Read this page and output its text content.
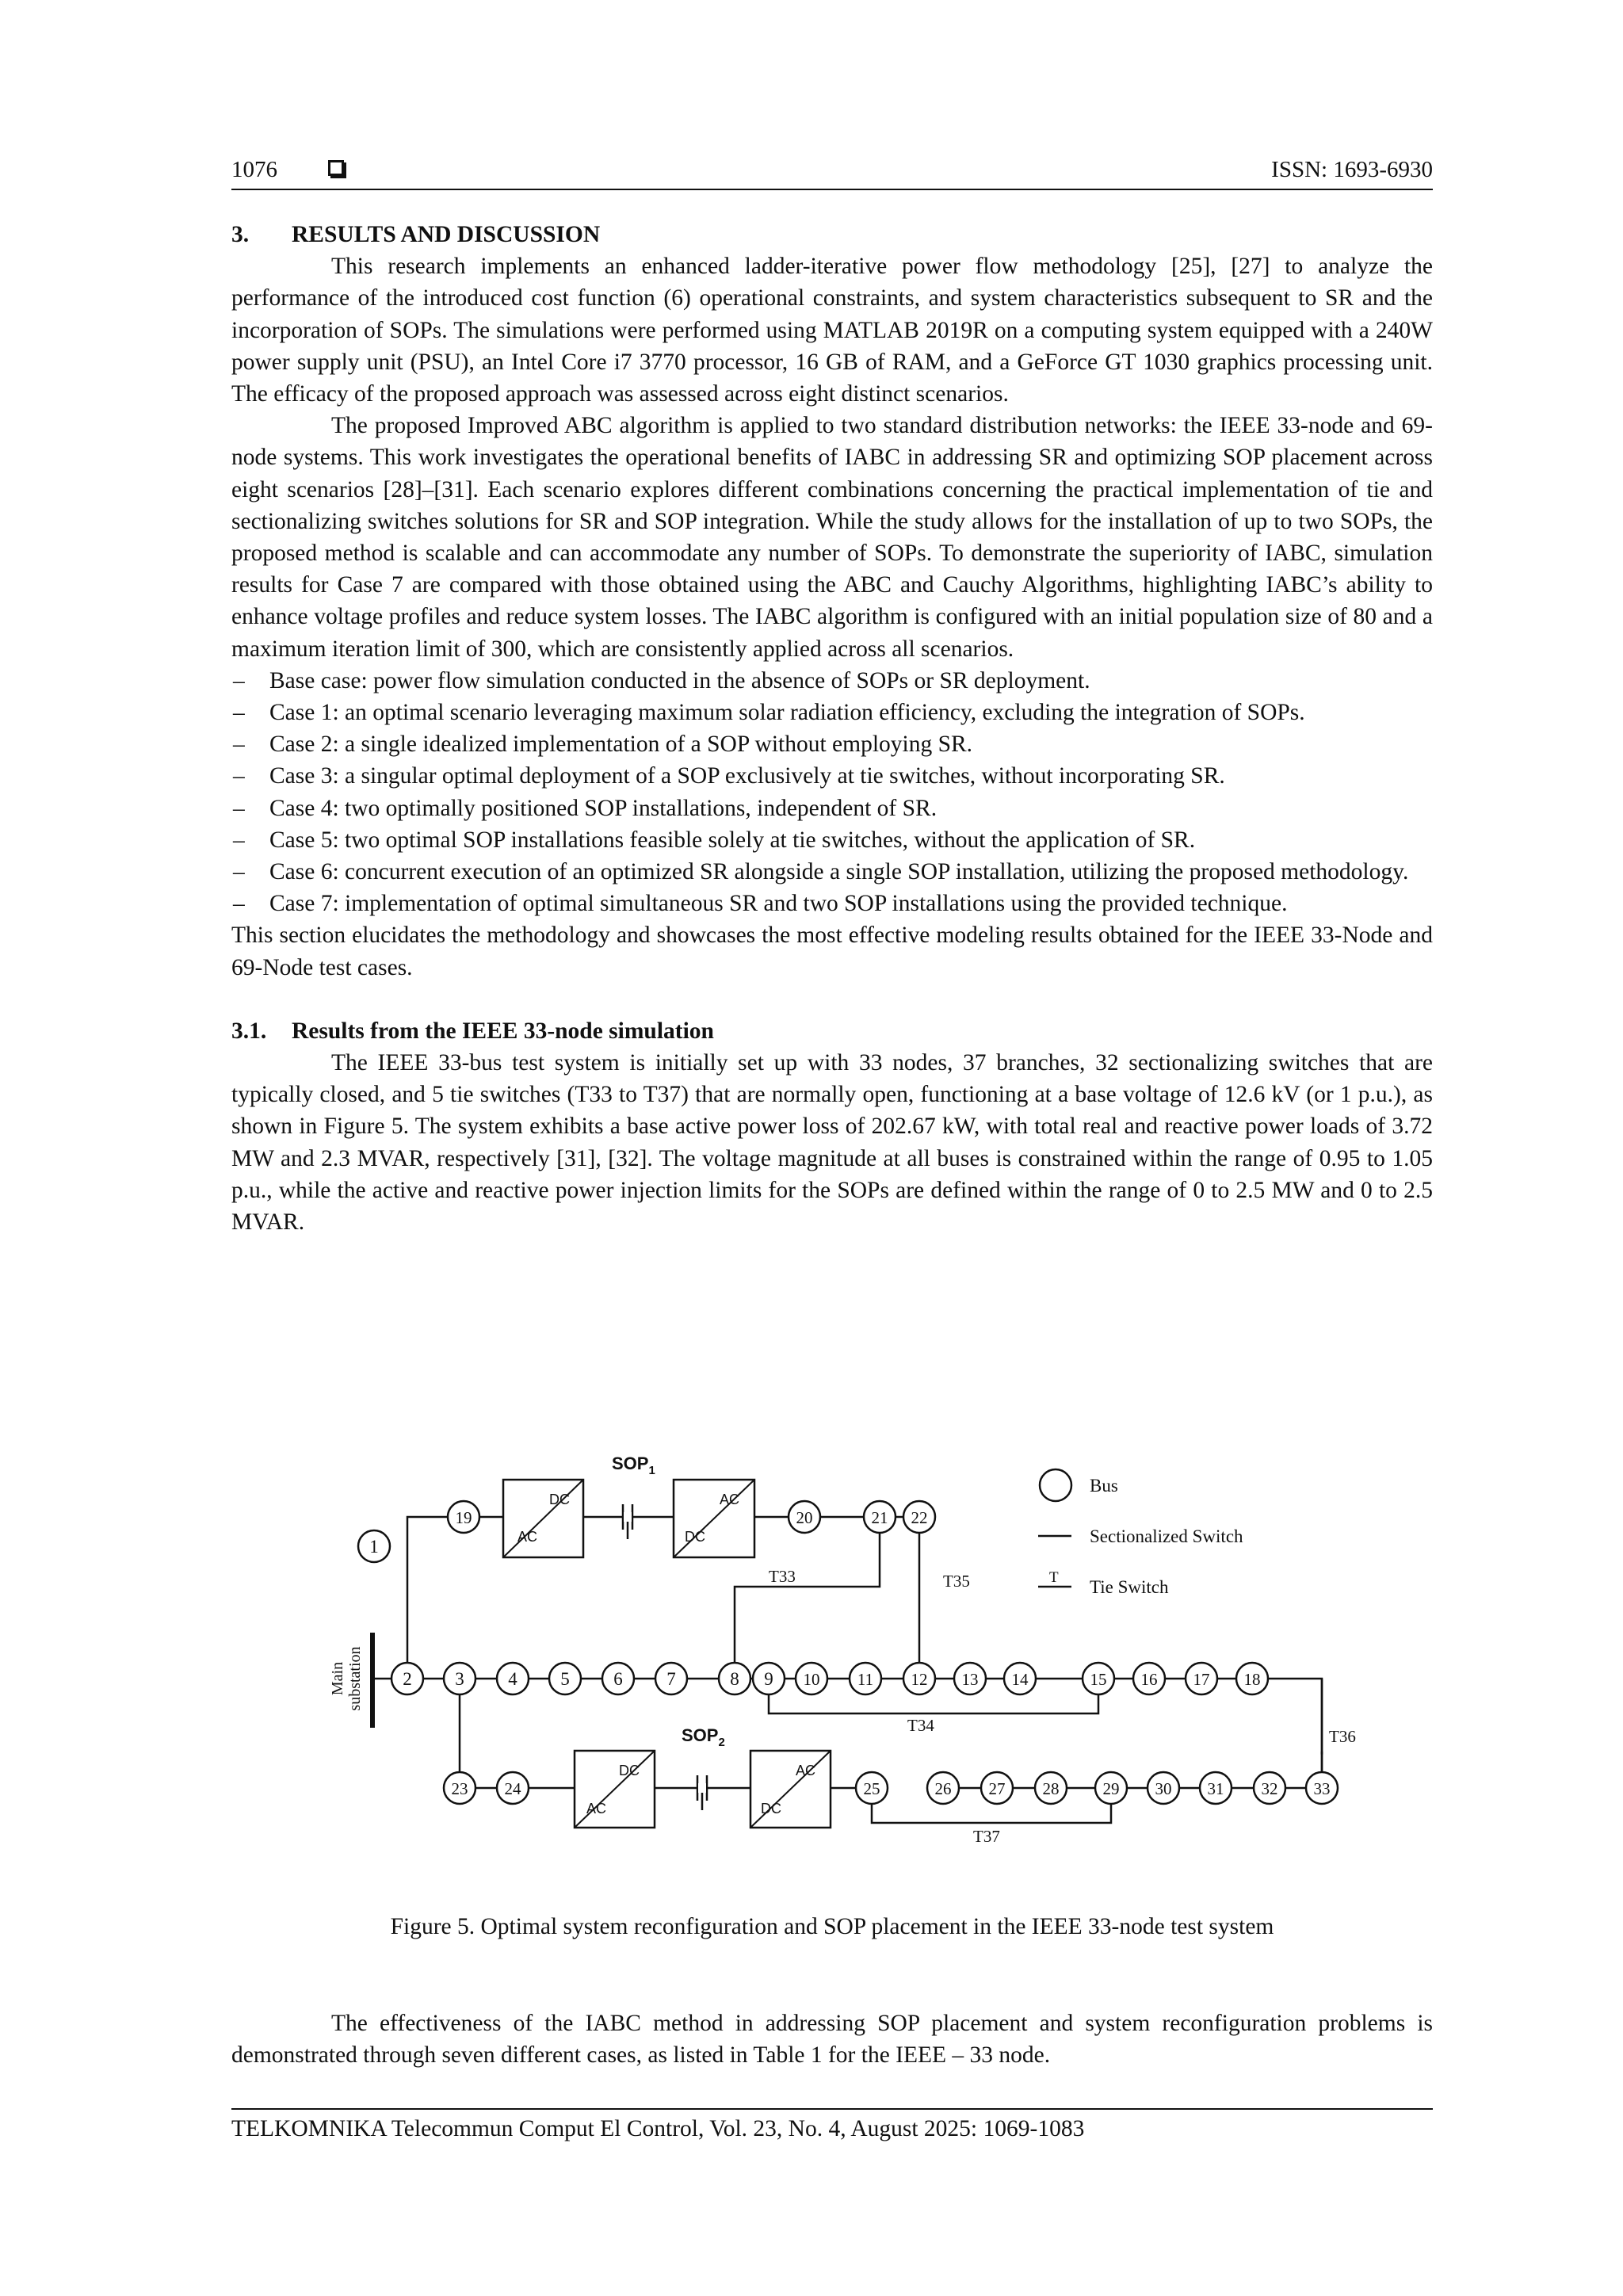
1076	ISSN: 1693-6930
3. RESULTS AND DISCUSSION

This research implements an enhanced ladder-iterative power flow methodology [25], [27] to analyze the performance of the introduced cost function (6) operational constraints, and system characteristics subsequent to SR and the incorporation of SOPs. The simulations were performed using MATLAB 2019R on a computing system equipped with a 240W power supply unit (PSU), an Intel Core i7 3770 processor, 16 GB of RAM, and a GeForce GT 1030 graphics processing unit. The efficacy of the proposed approach was assessed across eight distinct scenarios.

The proposed Improved ABC algorithm is applied to two standard distribution networks: the IEEE 33-node and 69-node systems. This work investigates the operational benefits of IABC in addressing SR and optimizing SOP placement across eight scenarios [28]–[31]. Each scenario explores different combinations concerning the practical implementation of tie and sectionalizing switches solutions for SR and SOP integration. While the study allows for the installation of up to two SOPs, the proposed method is scalable and can accommodate any number of SOPs. To demonstrate the superiority of IABC, simulation results for Case 7 are compared with those obtained using the ABC and Cauchy Algorithms, highlighting IABC’s ability to enhance voltage profiles and reduce system losses. The IABC algorithm is configured with an initial population size of 80 and a maximum iteration limit of 300, which are consistently applied across all scenarios.

– Base case: power flow simulation conducted in the absence of SOPs or SR deployment.
– Case 1: an optimal scenario leveraging maximum solar radiation efficiency, excluding the integration of SOPs.
– Case 2: a single idealized implementation of a SOP without employing SR.
– Case 3: a singular optimal deployment of a SOP exclusively at tie switches, without incorporating SR.
– Case 4: two optimally positioned SOP installations, independent of SR.
– Case 5: two optimal SOP installations feasible solely at tie switches, without the application of SR.
– Case 6: concurrent execution of an optimized SR alongside a single SOP installation, utilizing the proposed methodology.
– Case 7: implementation of optimal simultaneous SR and two SOP installations using the provided technique.

This section elucidates the methodology and showcases the most effective modeling results obtained for the IEEE 33-Node and 69-Node test cases.

3.1. Results from the IEEE 33-node simulation

The IEEE 33-bus test system is initially set up with 33 nodes, 37 branches, 32 sectionalizing switches that are typically closed, and 5 tie switches (T33 to T37) that are normally open, functioning at a base voltage of 12.6 kV (or 1 p.u.), as shown in Figure 5. The system exhibits a base active power loss of 202.67 kW, with total real and reactive power loads of 3.72 MW and 2.3 MVAR, respectively [31], [32]. The voltage magnitude at all buses is constrained within the range of 0.95 to 1.05 p.u., while the active and reactive power injection limits for the SOPs are defined within the range of 0 to 2.5 MW and 0 to 2.5 MVAR.

Main substation
DC
AC
AC
DC
$SOP_1$
DC
AC
AC
DC
$SOP_2$
T33	T35
T34
T36
T37
Bus
Sectionalized Switch
T Tie Switch
1
2 3 4 5 6 7	8 9 10 11 12 13 14	15 16 17 18
19	20	21 22
23 24	25	26 27 28	29 30 31 32 33
Figure 5. Optimal system reconfiguration and SOP placement in the IEEE 33-node test system

The effectiveness of the IABC method in addressing SOP placement and system reconfiguration problems is demonstrated through seven different cases, as listed in Table 1 for the IEEE – 33 node.

TELKOMNIKA Telecommun Comput El Control, Vol. 23, No. 4, August 2025: 1069-1083
